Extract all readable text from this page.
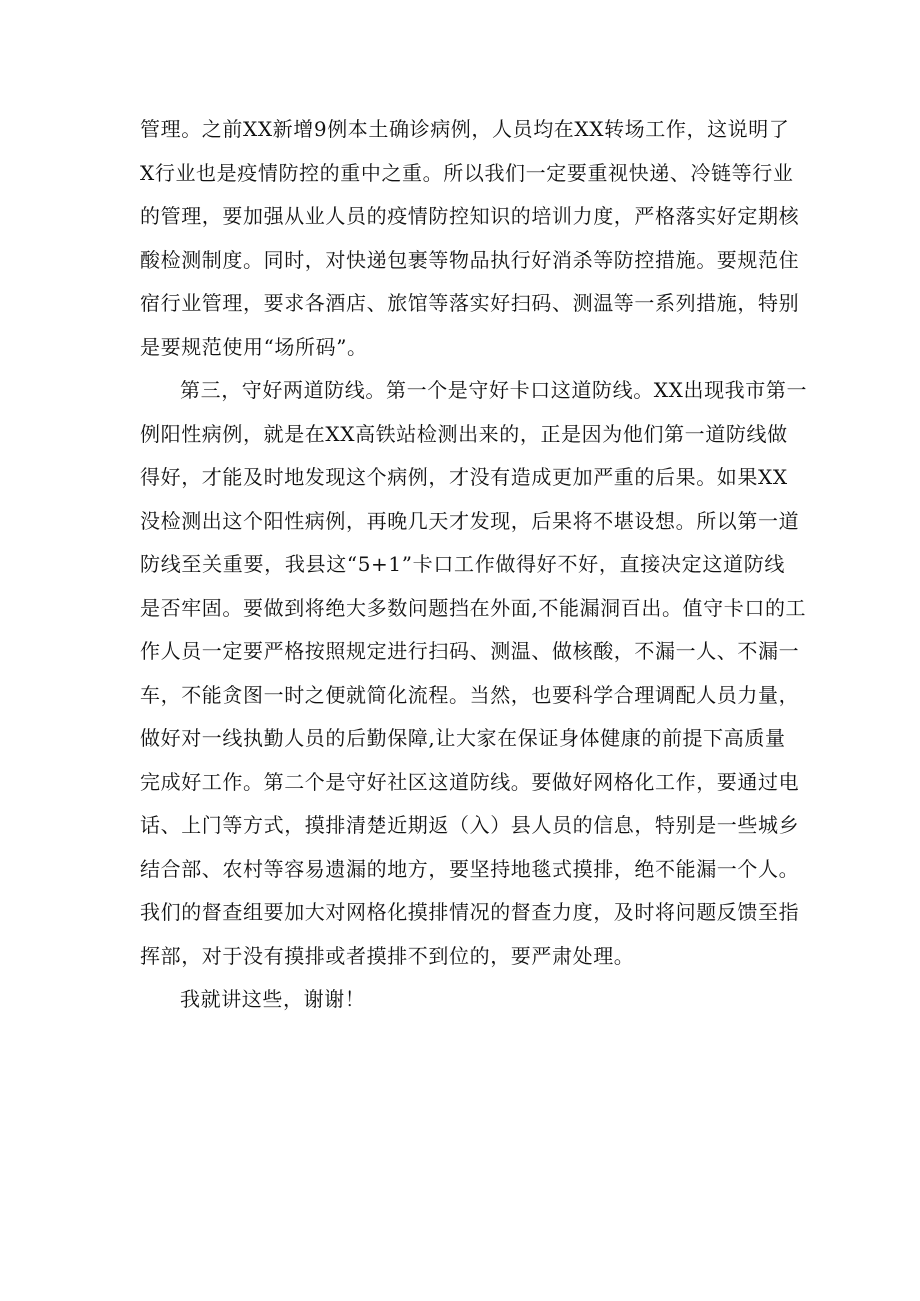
管理。之前XX新增9例本土确诊病例，人员均在XX转场工作，这说明了
X行业也是疫情防控的重中之重。所以我们一定要重视快递、冷链等行业
的管理，要加强从业人员的疫情防控知识的培训力度，严格落实好定期核
酸检测制度。同时，对快递包裹等物品执行好消杀等防控措施。要规范住
宿行业管理，要求各酒店、旅馆等落实好扫码、测温等一系列措施，特别
是要规范使用“场所码”。
第三，守好两道防线。第一个是守好卡口这道防线。XX出现我市第一
例阳性病例，就是在XX高铁站检测出来的，正是因为他们第一道防线做
得好，才能及时地发现这个病例，才没有造成更加严重的后果。如果XX
没检测出这个阳性病例，再晚几天才发现，后果将不堪设想。所以第一道
防线至关重要，我县这“5+1”卡口工作做得好不好，直接决定这道防线
是否牢固。要做到将绝大多数问题挡在外面,不能漏洞百出。值守卡口的工
作人员一定要严格按照规定进行扫码、测温、做核酸，不漏一人、不漏一
车，不能贪图一时之便就简化流程。当然，也要科学合理调配人员力量，
做好对一线执勤人员的后勤保障,让大家在保证身体健康的前提下高质量
完成好工作。第二个是守好社区这道防线。要做好网格化工作，要通过电
话、上门等方式，摸排清楚近期返（入）县人员的信息，特别是一些城乡
结合部、农村等容易遗漏的地方，要坚持地毯式摸排，绝不能漏一个人。
我们的督查组要加大对网格化摸排情况的督查力度，及时将问题反馈至指
挥部，对于没有摸排或者摸排不到位的，要严肃处理。
我就讲这些，谢谢！
